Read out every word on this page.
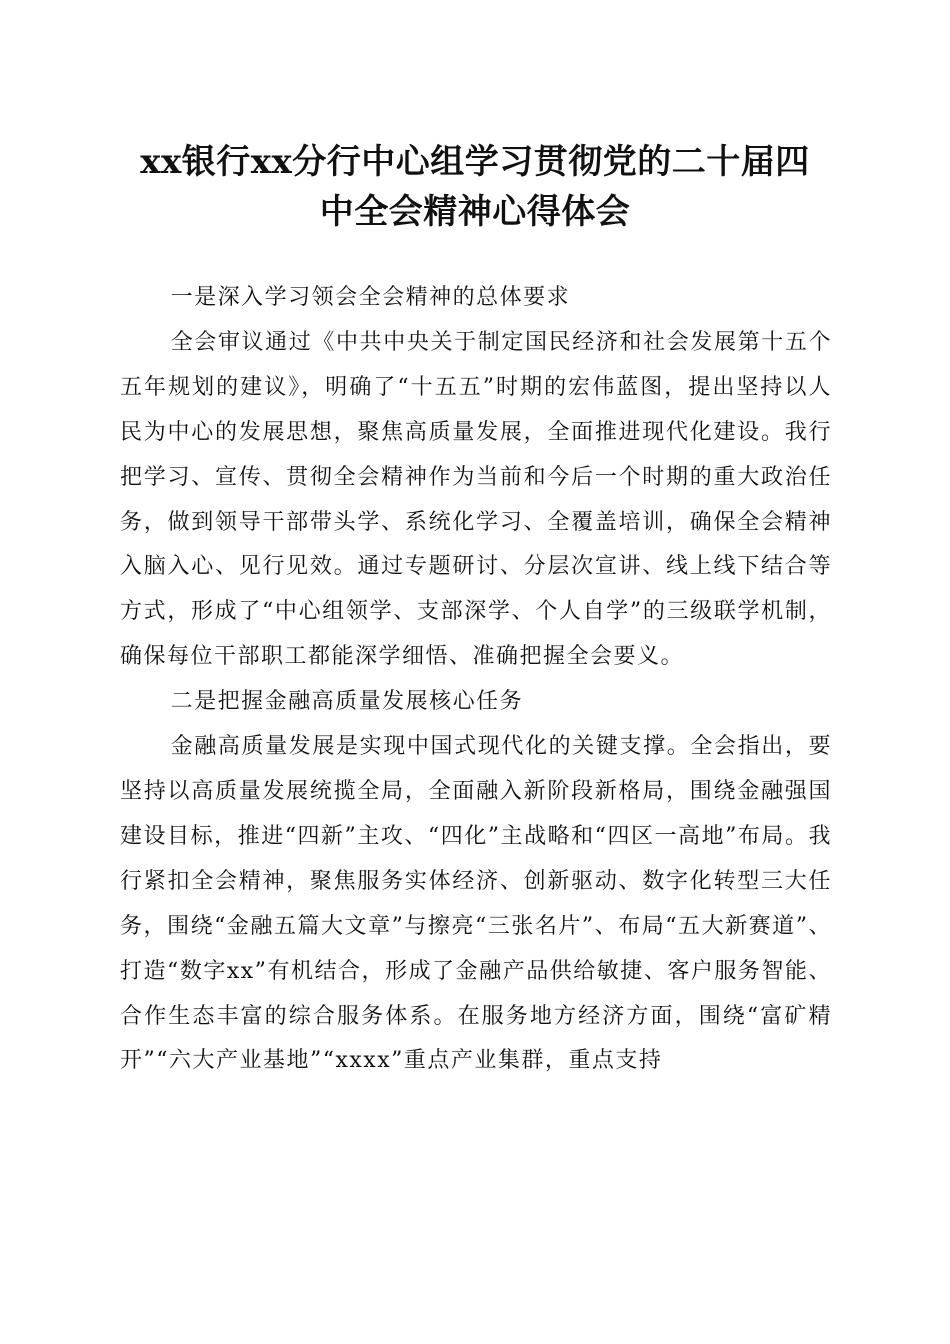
xx银行xx分行中心组学习贯彻党的二十届四
中全会精神心得体会

一是深入学习领会全会精神的总体要求

全会审议通过《中共中央关于制定国民经济和社会发展第十五个五年规划的建议》，明确了“十五五”时期的宏伟蓝图，提出坚持以人民为中心的发展思想，聚焦高质量发展，全面推进现代化建设。我行把学习、宣传、贯彻全会精神作为当前和今后一个时期的重大政治任务，做到领导干部带头学、系统化学习、全覆盖培训，确保全会精神入脑入心、见行见效。通过专题研讨、分层次宣讲、线上线下结合等方式，形成了“中心组领学、支部深学、个人自学”的三级联学机制，确保每位干部职工都能深学细悟、准确把握全会要义。

二是把握金融高质量发展核心任务

金融高质量发展是实现中国式现代化的关键支撑。全会指出，要坚持以高质量发展统揽全局，全面融入新阶段新格局，围绕金融强国建设目标，推进“四新”主攻、“四化”主战略和“四区一高地”布局。我行紧扣全会精神，聚焦服务实体经济、创新驱动、数字化转型三大任务，围绕“金融五篇大文章”与擦亮“三张名片”、布局“五大新赛道”、打造“数字xx”有机结合，形成了金融产品供给敏捷、客户服务智能、合作生态丰富的综合服务体系。在服务地方经济方面，围绕“富矿精开”“六大产业基地”“xxxx”重点产业集群，重点支持
